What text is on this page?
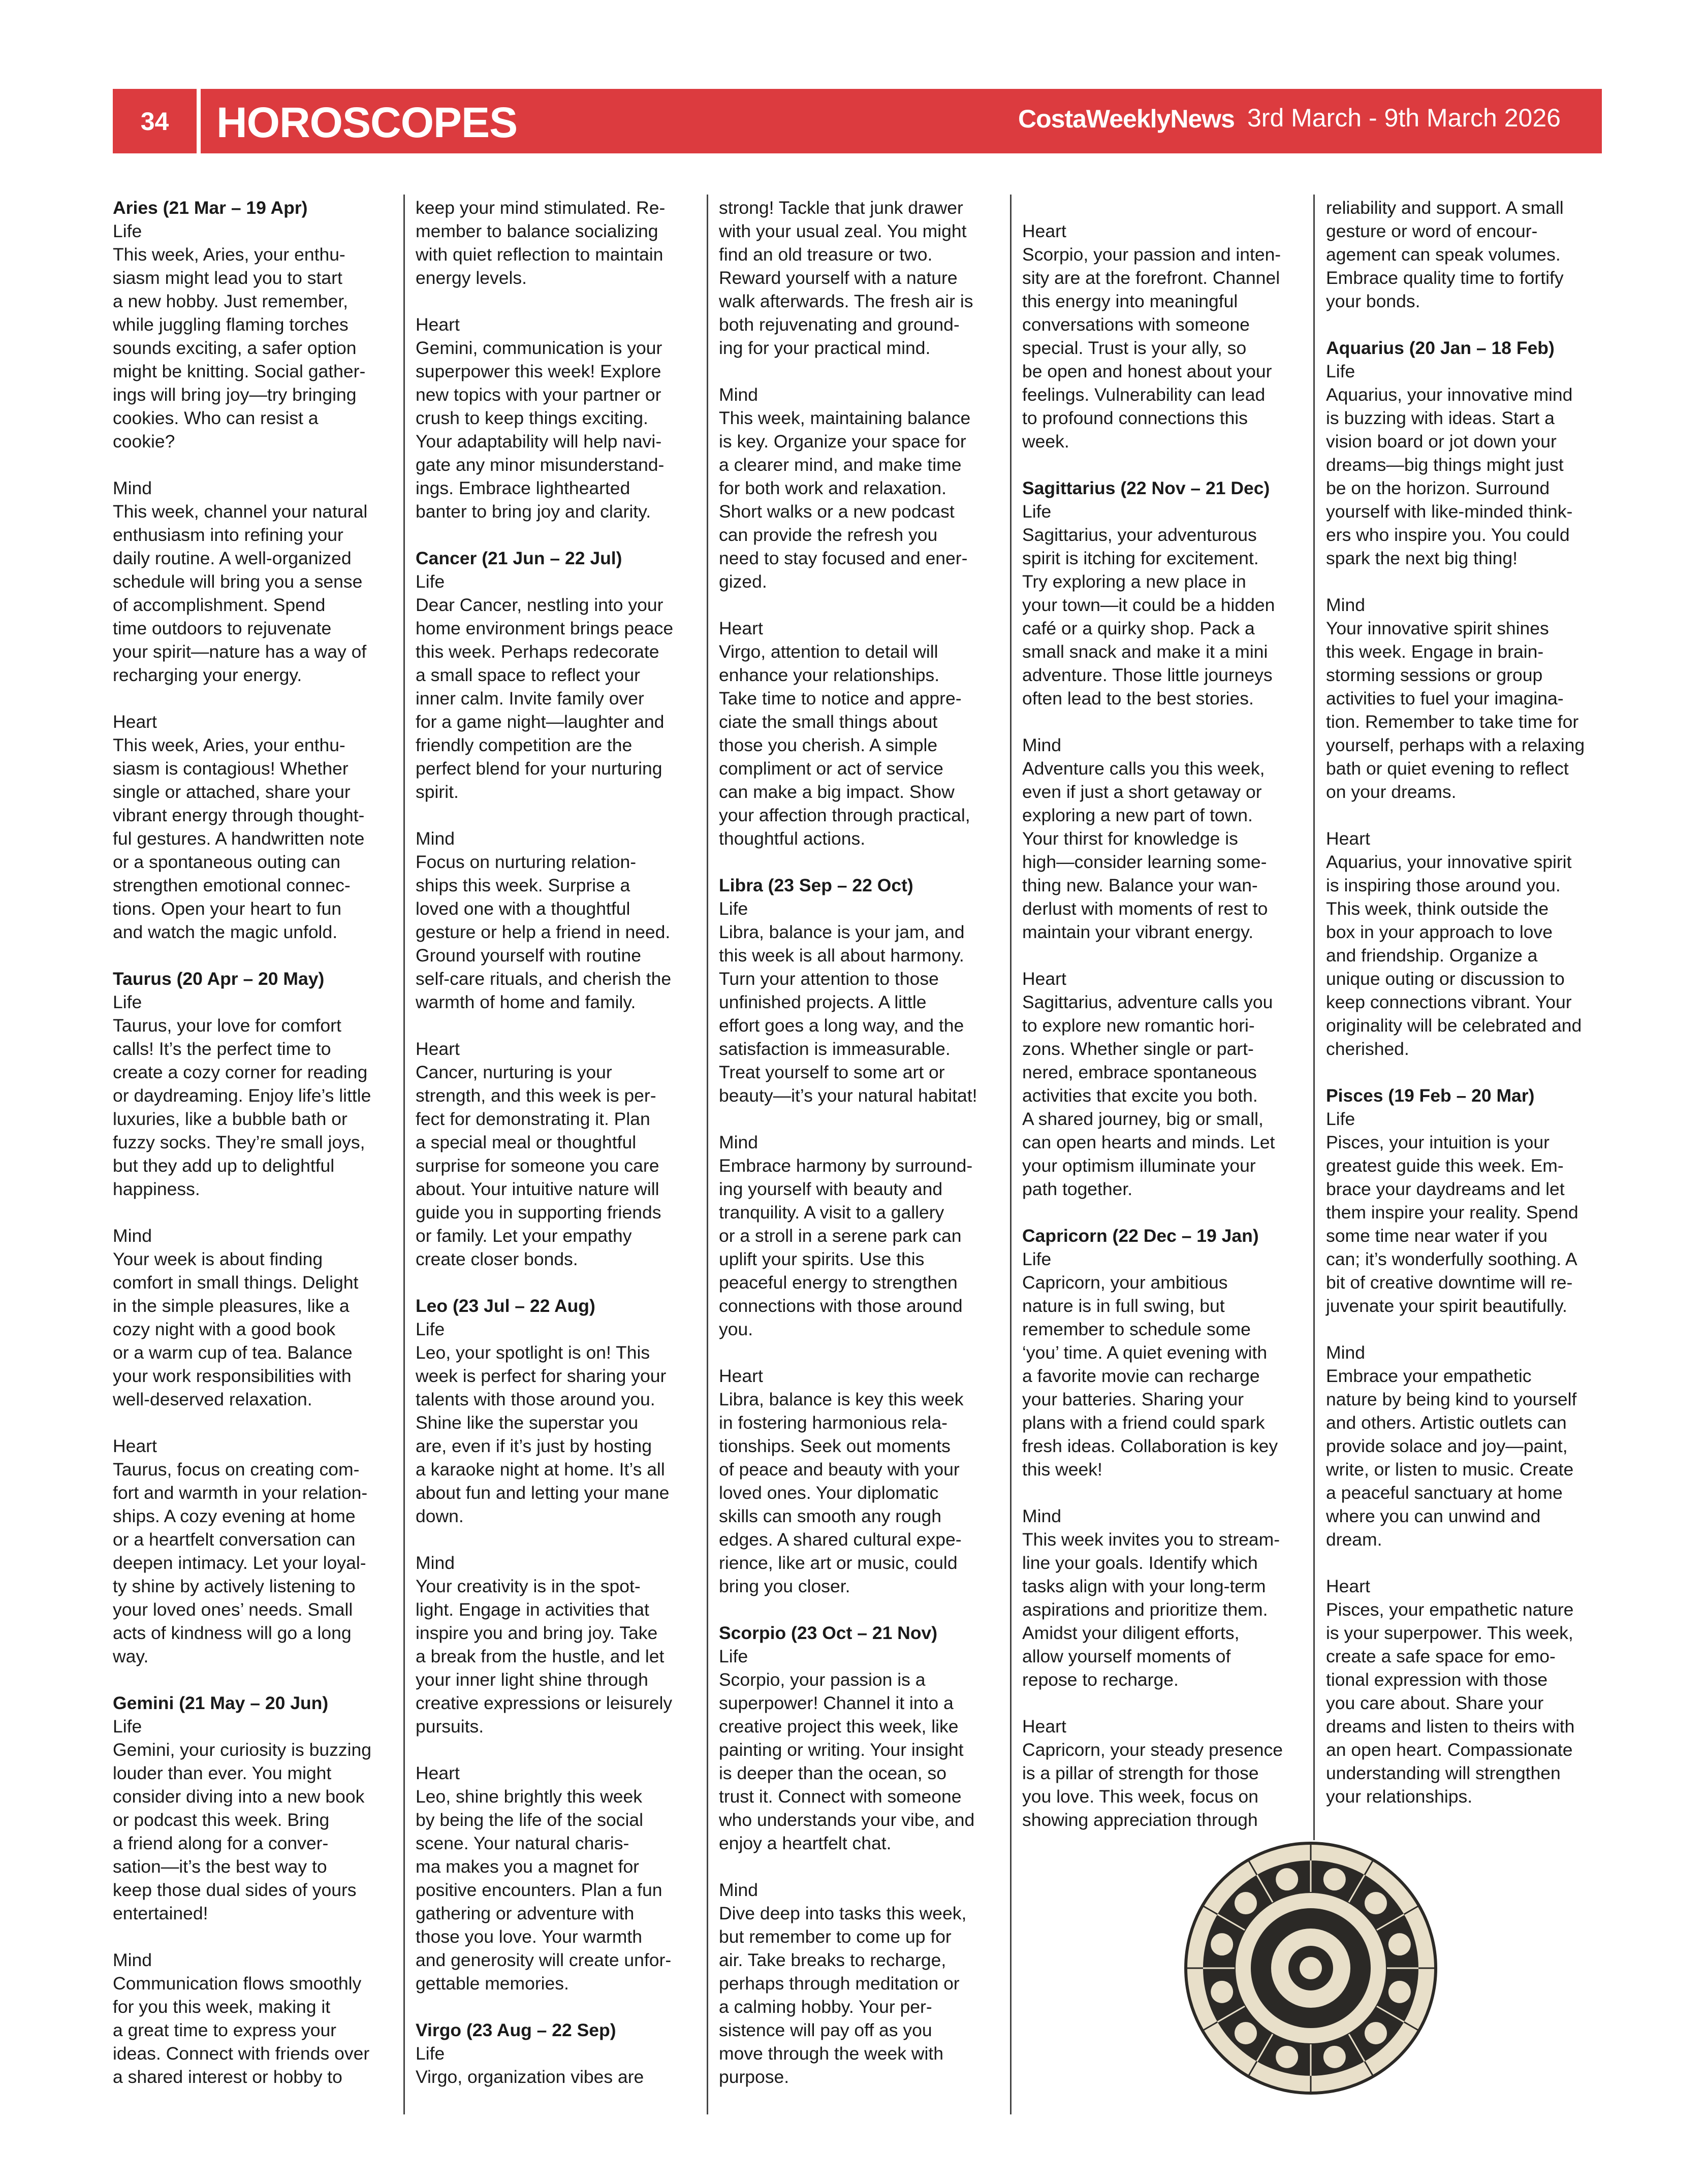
34	HOROSCOPES	CostaWeeklyNews 3rd March - 9th March 2026

Aries (21 Mar – 19 Apr)

Life

This week, Aries, your enthu-
siasm might lead you to start
a new hobby. Just remember,
while juggling flaming torches
sounds exciting, a safer option
might be knitting. Social gather-
ings will bring joy—try bringing
cookies. Who can resist a
cookie?

Mind

This week, channel your natural
enthusiasm into refining your
daily routine. A well-organized
schedule will bring you a sense
of accomplishment. Spend
time outdoors to rejuvenate
your spirit—nature has a way of
recharging your energy.

Heart

This week, Aries, your enthu-
siasm is contagious! Whether
single or attached, share your
vibrant energy through thought-
ful gestures. A handwritten note
or a spontaneous outing can
strengthen emotional connec-
tions. Open your heart to fun
and watch the magic unfold.

Taurus (20 Apr – 20 May)

Life

Taurus, your love for comfort
calls! It’s the perfect time to
create a cozy corner for reading
or daydreaming. Enjoy life’s little
luxuries, like a bubble bath or
fuzzy socks. They’re small joys,
but they add up to delightful
happiness.

Mind

Your week is about finding
comfort in small things. Delight
in the simple pleasures, like a
cozy night with a good book
or a warm cup of tea. Balance
your work responsibilities with
well-deserved relaxation.

Heart

Taurus, focus on creating com-
fort and warmth in your relation-
ships. A cozy evening at home
or a heartfelt conversation can
deepen intimacy. Let your loyal-
ty shine by actively listening to
your loved ones’ needs. Small
acts of kindness will go a long
way.

Gemini (21 May – 20 Jun)

Life

Gemini, your curiosity is buzzing
louder than ever. You might
consider diving into a new book
or podcast this week. Bring
a friend along for a conver-
sation—it’s the best way to
keep those dual sides of yours
entertained!

Mind

Communication flows smoothly
for you this week, making it
a great time to express your
ideas. Connect with friends over
a shared interest or hobby to

keep your mind stimulated. Re-
member to balance socializing
with quiet reflection to maintain
energy levels.

Heart

Gemini, communication is your
superpower this week! Explore
new topics with your partner or
crush to keep things exciting.
Your adaptability will help navi-
gate any minor misunderstand-
ings. Embrace lighthearted
banter to bring joy and clarity.

Cancer (21 Jun – 22 Jul)

Life

Dear Cancer, nestling into your
home environment brings peace
this week. Perhaps redecorate
a small space to reflect your
inner calm. Invite family over
for a game night—laughter and
friendly competition are the
perfect blend for your nurturing
spirit.

Mind

Focus on nurturing relation-
ships this week. Surprise a
loved one with a thoughtful
gesture or help a friend in need.
Ground yourself with routine
self-care rituals, and cherish the
warmth of home and family.

Heart

Cancer, nurturing is your
strength, and this week is per-
fect for demonstrating it. Plan
a special meal or thoughtful
surprise for someone you care
about. Your intuitive nature will
guide you in supporting friends
or family. Let your empathy
create closer bonds.

Leo (23 Jul – 22 Aug)

Life

Leo, your spotlight is on! This
week is perfect for sharing your
talents with those around you.
Shine like the superstar you
are, even if it’s just by hosting
a karaoke night at home. It’s all
about fun and letting your mane
down.

Mind

Your creativity is in the spot-
light. Engage in activities that
inspire you and bring joy. Take
a break from the hustle, and let
your inner light shine through
creative expressions or leisurely
pursuits.

Heart

Leo, shine brightly this week
by being the life of the social
scene. Your natural charis-
ma makes you a magnet for
positive encounters. Plan a fun
gathering or adventure with
those you love. Your warmth
and generosity will create unfor-
gettable memories.

Virgo (23 Aug – 22 Sep)

Life

Virgo, organization vibes are

strong! Tackle that junk drawer
with your usual zeal. You might
find an old treasure or two.
Reward yourself with a nature
walk afterwards. The fresh air is
both rejuvenating and ground-
ing for your practical mind.

Mind

This week, maintaining balance
is key. Organize your space for
a clearer mind, and make time
for both work and relaxation.
Short walks or a new podcast
can provide the refresh you
need to stay focused and ener-
gized.

Heart

Virgo, attention to detail will
enhance your relationships.
Take time to notice and appre-
ciate the small things about
those you cherish. A simple
compliment or act of service
can make a big impact. Show
your affection through practical,
thoughtful actions.

Libra (23 Sep – 22 Oct)

Life

Libra, balance is your jam, and
this week is all about harmony.
Turn your attention to those
unfinished projects. A little
effort goes a long way, and the
satisfaction is immeasurable.
Treat yourself to some art or
beauty—it’s your natural habitat!

Mind

Embrace harmony by surround-
ing yourself with beauty and
tranquility. A visit to a gallery
or a stroll in a serene park can
uplift your spirits. Use this
peaceful energy to strengthen
connections with those around
you.

Heart

Libra, balance is key this week
in fostering harmonious rela-
tionships. Seek out moments
of peace and beauty with your
loved ones. Your diplomatic
skills can smooth any rough
edges. A shared cultural expe-
rience, like art or music, could
bring you closer.

Scorpio (23 Oct – 21 Nov)

Life

Scorpio, your passion is a
superpower! Channel it into a
creative project this week, like
painting or writing. Your insight
is deeper than the ocean, so
trust it. Connect with someone
who understands your vibe, and
enjoy a heartfelt chat.

Mind

Dive deep into tasks this week,
but remember to come up for
air. Take breaks to recharge,
perhaps through meditation or
a calming hobby. Your per-
sistence will pay off as you
move through the week with
purpose.

Heart

Scorpio, your passion and inten-
sity are at the forefront. Channel
this energy into meaningful
conversations with someone
special. Trust is your ally, so
be open and honest about your
feelings. Vulnerability can lead
to profound connections this
week.

Sagittarius (22 Nov – 21 Dec)

Life

Sagittarius, your adventurous
spirit is itching for excitement.
Try exploring a new place in
your town—it could be a hidden
café or a quirky shop. Pack a
small snack and make it a mini
adventure. Those little journeys
often lead to the best stories.

Mind

Adventure calls you this week,
even if just a short getaway or
exploring a new part of town.
Your thirst for knowledge is
high—consider learning some-
thing new. Balance your wan-
derlust with moments of rest to
maintain your vibrant energy.

Heart

Sagittarius, adventure calls you
to explore new romantic hori-
zons. Whether single or part-
nered, embrace spontaneous
activities that excite you both.
A shared journey, big or small,
can open hearts and minds. Let
your optimism illuminate your
path together.

Capricorn (22 Dec – 19 Jan)

Life

Capricorn, your ambitious
nature is in full swing, but
remember to schedule some
‘you’ time. A quiet evening with
a favorite movie can recharge
your batteries. Sharing your
plans with a friend could spark
fresh ideas. Collaboration is key
this week!

Mind

This week invites you to stream-
line your goals. Identify which
tasks align with your long-term
aspirations and prioritize them.
Amidst your diligent efforts,
allow yourself moments of
repose to recharge.

Heart

Capricorn, your steady presence
is a pillar of strength for those
you love. This week, focus on
showing appreciation through

reliability and support. A small
gesture or word of encour-
agement can speak volumes.
Embrace quality time to fortify
your bonds.

Aquarius (20 Jan – 18 Feb)

Life

Aquarius, your innovative mind
is buzzing with ideas. Start a
vision board or jot down your
dreams—big things might just
be on the horizon. Surround
yourself with like-minded think-
ers who inspire you. You could
spark the next big thing!

Mind

Your innovative spirit shines
this week. Engage in brain-
storming sessions or group
activities to fuel your imagina-
tion. Remember to take time for
yourself, perhaps with a relaxing
bath or quiet evening to reflect
on your dreams.

Heart

Aquarius, your innovative spirit
is inspiring those around you.
This week, think outside the
box in your approach to love
and friendship. Organize a
unique outing or discussion to
keep connections vibrant. Your
originality will be celebrated and
cherished.

Pisces (19 Feb – 20 Mar)

Life

Pisces, your intuition is your
greatest guide this week. Em-
brace your daydreams and let
them inspire your reality. Spend
some time near water if you
can; it’s wonderfully soothing. A
bit of creative downtime will re-
juvenate your spirit beautifully.

Mind

Embrace your empathetic
nature by being kind to yourself
and others. Artistic outlets can
provide solace and joy—paint,
write, or listen to music. Create
a peaceful sanctuary at home
where you can unwind and
dream.

Heart

Pisces, your empathetic nature
is your superpower. This week,
create a safe space for emo-
tional expression with those
you care about. Share your
dreams and listen to theirs with
an open heart. Compassionate
understanding will strengthen
your relationships.
